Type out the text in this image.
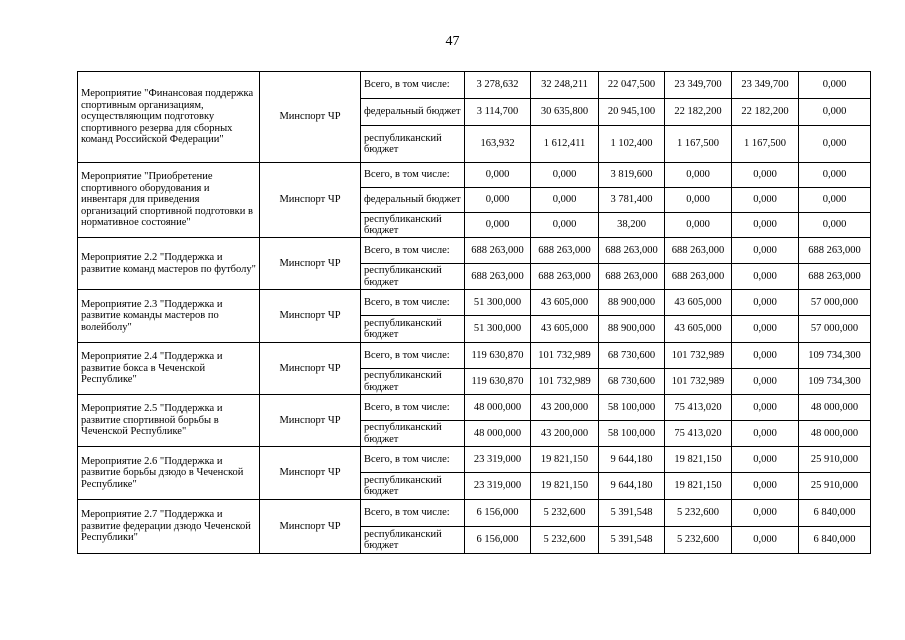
47
Мероприятие "Финансовая поддержка спортивным организациям, осуществляющим подготовку спортивного резерва для сборных команд Российской Федерации"	Минспорт ЧР	Всего, в том числе:	3 278,632	32 248,211	22 047,500	23 349,700	23 349,700	0,000
		федеральный бюджет	3 114,700	30 635,800	20 945,100	22 182,200	22 182,200	0,000
		республиканский бюджет	163,932	1 612,411	1 102,400	1 167,500	1 167,500	0,000
Мероприятие "Приобретение спортивного оборудования и инвентаря для приведения организаций спортивной подготовки в нормативное состояние"	Минспорт ЧР	Всего, в том числе:	0,000	0,000	3 819,600	0,000	0,000	0,000
		федеральный бюджет	0,000	0,000	3 781,400	0,000	0,000	0,000
		республиканский бюджет	0,000	0,000	38,200	0,000	0,000	0,000
Мероприятие 2.2 "Поддержка и развитие команд мастеров по футболу"	Минспорт ЧР	Всего, в том числе:	688 263,000	688 263,000	688 263,000	688 263,000	0,000	688 263,000
		республиканский бюджет	688 263,000	688 263,000	688 263,000	688 263,000	0,000	688 263,000
Мероприятие 2.3 "Поддержка и развитие команды мастеров по волейболу"	Минспорт ЧР	Всего, в том числе:	51 300,000	43 605,000	88 900,000	43 605,000	0,000	57 000,000
		республиканский бюджет	51 300,000	43 605,000	88 900,000	43 605,000	0,000	57 000,000
Мероприятие 2.4 "Поддержка и развитие бокса в Чеченской Республике"	Минспорт ЧР	Всего, в том числе:	119 630,870	101 732,989	68 730,600	101 732,989	0,000	109 734,300
		республиканский бюджет	119 630,870	101 732,989	68 730,600	101 732,989	0,000	109 734,300
Мероприятие 2.5 "Поддержка и развитие спортивной борьбы в Чеченской Республике"	Минспорт ЧР	Всего, в том числе:	48 000,000	43 200,000	58 100,000	75 413,020	0,000	48 000,000
		республиканский бюджет	48 000,000	43 200,000	58 100,000	75 413,020	0,000	48 000,000
Мероприятие 2.6 "Поддержка и развитие борьбы дзюдо в Чеченской Республике"	Минспорт ЧР	Всего, в том числе:	23 319,000	19 821,150	9 644,180	19 821,150	0,000	25 910,000
		республиканский бюджет	23 319,000	19 821,150	9 644,180	19 821,150	0,000	25 910,000
Мероприятие 2.7 "Поддержка и развитие федерации дзюдо Чеченской Республики"	Минспорт ЧР	Всего, в том числе:	6 156,000	5 232,600	5 391,548	5 232,600	0,000	6 840,000
		республиканский бюджет	6 156,000	5 232,600	5 391,548	5 232,600	0,000	6 840,000
